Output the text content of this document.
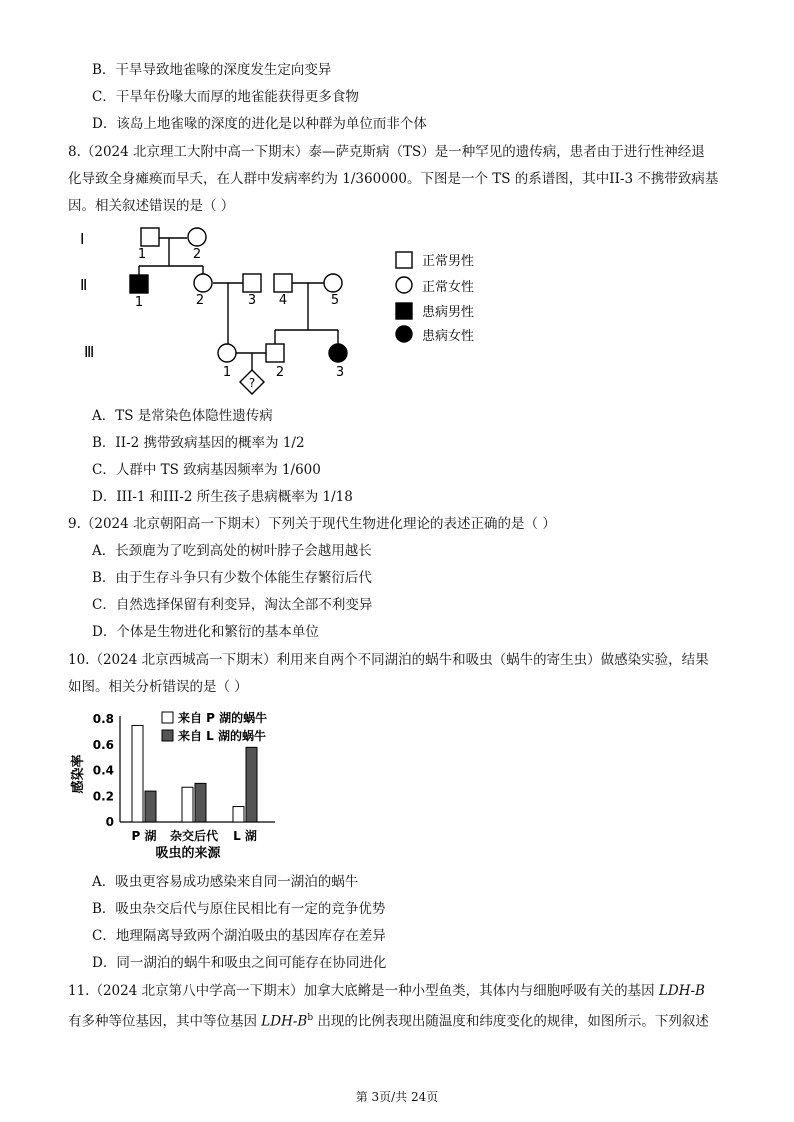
B．干旱导致地雀喙的深度发生定向变异
C．干旱年份喙大而厚的地雀能获得更多食物
D．该岛上地雀喙的深度的进化是以种群为单位而非个体
8.（2024 北京理工大附中高一下期末）泰—萨克斯病（TS）是一种罕见的遗传病，患者由于进行性神经退
化导致全身瘫痪而早夭，在人群中发病率约为 1/360000。下图是一个 TS 的系谱图，其中II-3 不携带致病基
因。相关叙述错误的是（ ）
?
Ⅰ
Ⅱ
Ⅲ
1	2
1	2	3 4	5
1	2	3
正常男性
正常女性
患病男性
患病女性
A．TS 是常染色体隐性遗传病
B．II-2 携带致病基因的概率为 1/2
C．人群中 TS 致病基因频率为 1/600
D．III-1 和III-2 所生孩子患病概率为 1/18
9.（2024 北京朝阳高一下期末）下列关于现代生物进化理论的表述正确的是（ ）
A．长颈鹿为了吃到高处的树叶脖子会越用越长
B．由于生存斗争只有少数个体能生存繁衍后代
C．自然选择保留有利变异，淘汰全部不利变异
D．个体是生物进化和繁衍的基本单位
10.（2024 北京西城高一下期末）利用来自两个不同湖泊的蜗牛和吸虫（蜗牛的寄生虫）做感染实验，结果
如图。相关分析错误的是（ ）
0
0.2
0.4
0.6
0.8
P 湖 杂交后代 L 湖
感染率
吸虫的来源
来自 P 湖的蜗牛
来自 L 湖的蜗牛
A．吸虫更容易成功感染来自同一湖泊的蜗牛
B．吸虫杂交后代与原住民相比有一定的竞争优势
C．地理隔离导致两个湖泊吸虫的基因库存在差异
D．同一湖泊的蜗牛和吸虫之间可能存在协同进化
11.（2024 北京第八中学高一下期末）加拿大底鳉是一种小型鱼类，其体内与细胞呼吸有关的基因 LDH-B
有多种等位基因，其中等位基因 LDH-$B^b$ 出现的比例表现出随温度和纬度变化的规律，如图所示。下列叙述
第 3页/共 24页
